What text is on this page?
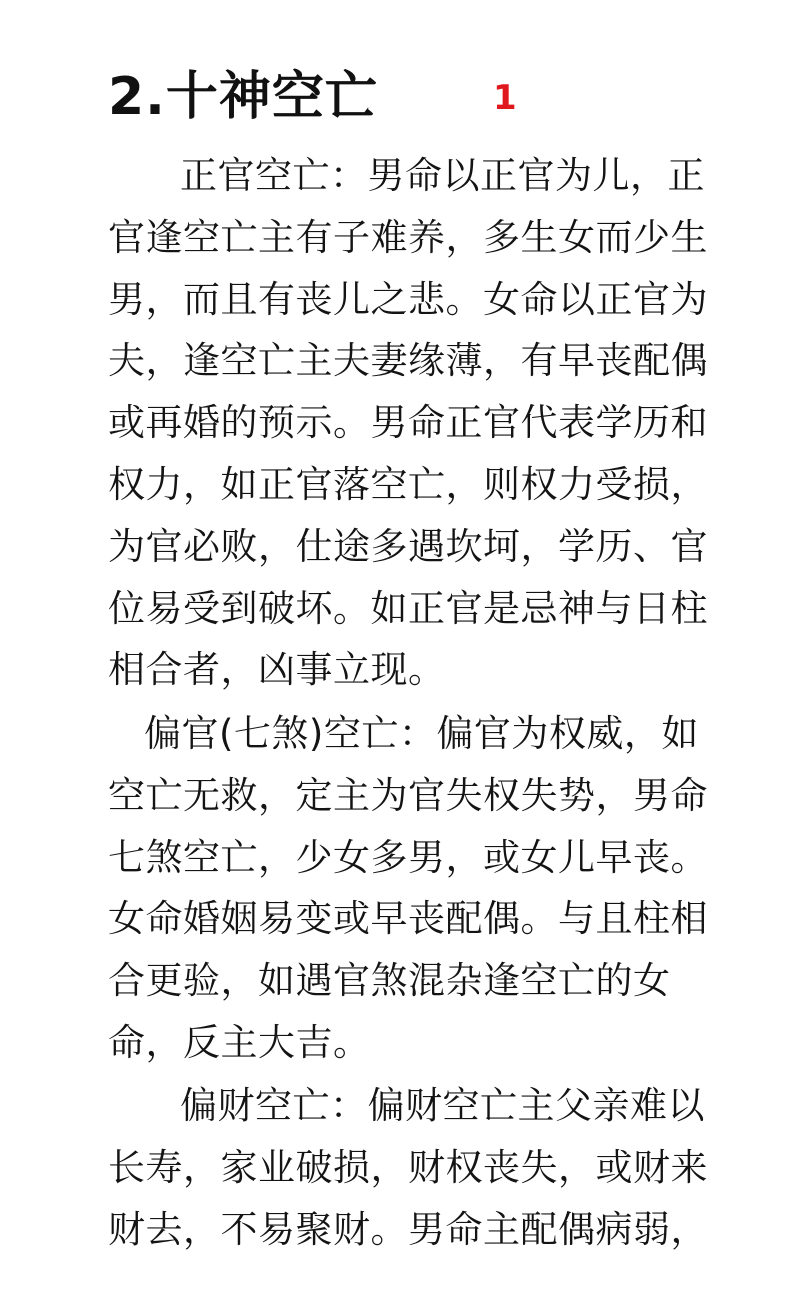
2.十神空亡	1
正官空亡：男命以正官为儿，正
官逢空亡主有子难养，多生女而少生
男，而且有丧儿之悲。女命以正官为
夫，逢空亡主夫妻缘薄，有早丧配偶
或再婚的预示。男命正官代表学历和
权力，如正官落空亡，则权力受损，
为官必败，仕途多遇坎坷，学历、官
位易受到破坏。如正官是忌神与日柱
相合者，凶事立现。
偏官(七煞)空亡：偏官为权威，如
空亡无救，定主为官失权失势，男命
七煞空亡，少女多男，或女儿早丧。
女命婚姻易变或早丧配偶。与且柱相
合更验，如遇官煞混杂逢空亡的女
命，反主大吉。
偏财空亡：偏财空亡主父亲难以
长寿，家业破损，财权丧失，或财来
财去，不易聚财。男命主配偶病弱，
